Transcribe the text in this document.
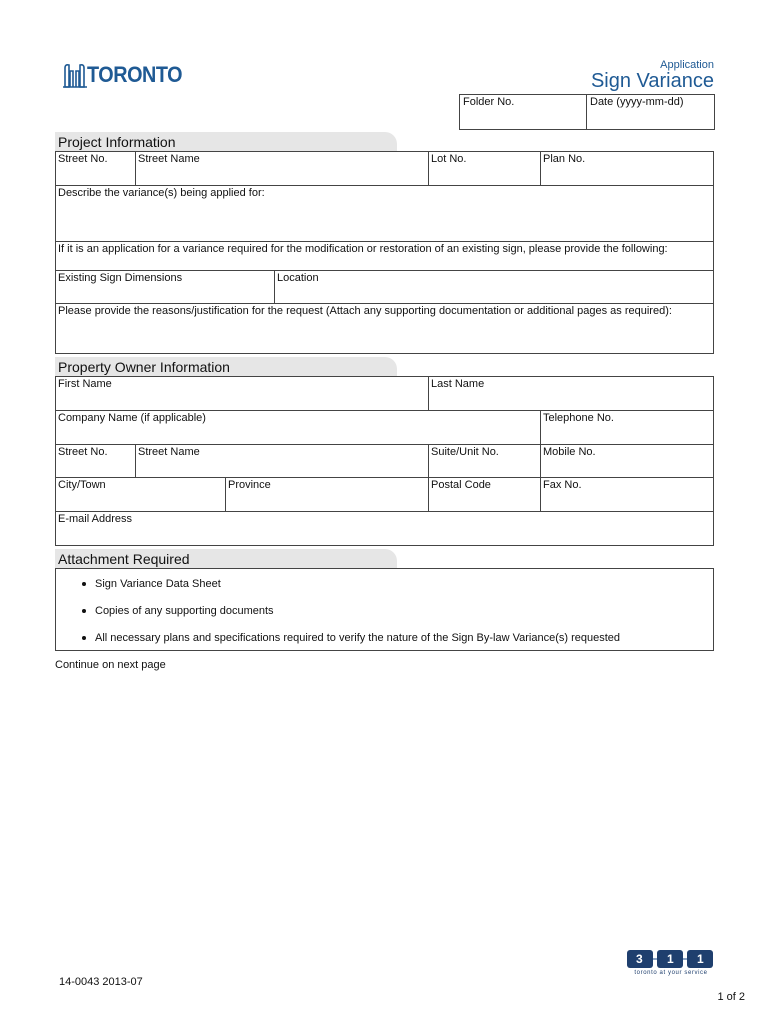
TORONTO	Application
Sign Variance
Folder No.	Date (yyyy-mm-dd)
Project Information
Street No.	Street Name	Lot No.	Plan No.
Describe the variance(s) being applied for:
If it is an application for a variance required for the modification or restoration of an existing sign, please provide the following:
Existing Sign Dimensions	Location
Please provide the reasons/justification for the request (Attach any supporting documentation or additional pages as required):
Property Owner Information
First Name	Last Name
Company Name (if applicable)	Telephone No.
Street No.	Street Name	Suite/Unit No.	Mobile No.
City/Town	Province	Postal Code	Fax No.
E-mail Address
Attachment Required
Sign Variance Data Sheet
Copies of any supporting documents
All necessary plans and specifications required to verify the nature of the Sign By-law Variance(s) requested
Continue on next page
14-0043 2013-07
1 of 2
3 1 1
toronto at your service
